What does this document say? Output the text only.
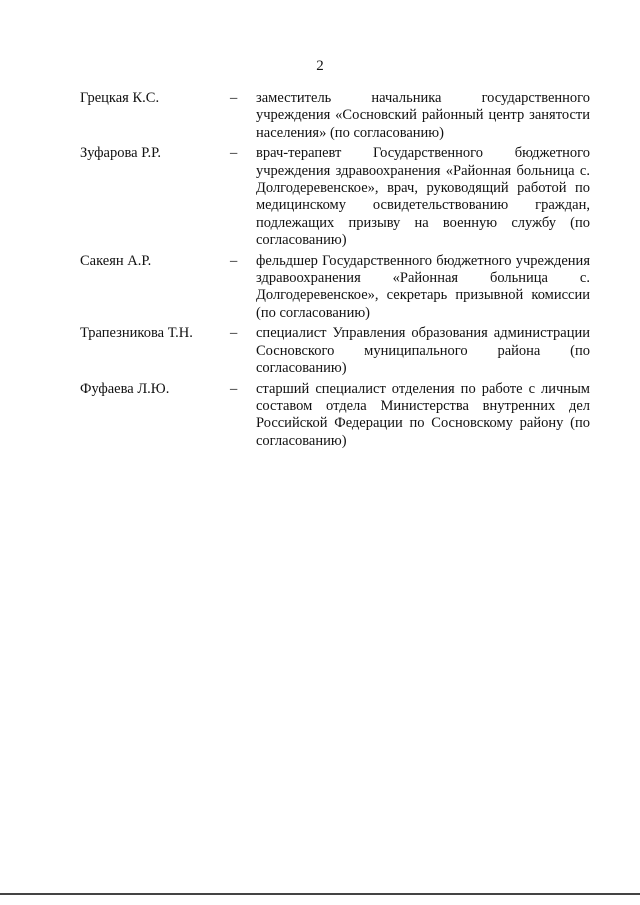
2
Грецкая К.С.	–	заместитель начальника государственного учреждения «Сосновский районный центр занятости населения» (по согласованию)
Зуфарова Р.Р.	–	врач-терапевт Государственного бюджетного учреждения здравоохранения «Районная больница с. Долгодеревенское», врач, руководящий работой по медицинскому освидетельствованию граждан, подлежащих призыву на военную службу (по согласованию)
Сакеян А.Р.	–	фельдшер Государственного бюджетного учреждения здравоохранения «Районная больница с. Долгодеревенское», секретарь призывной комиссии (по согласованию)
Трапезникова Т.Н.	–	специалист Управления образования администрации Сосновского муниципального района (по согласованию)
Фуфаева Л.Ю.	–	старший специалист отделения по работе с личным составом отдела Министерства внутренних дел Российской Федерации по Сосновскому району (по согласованию)
